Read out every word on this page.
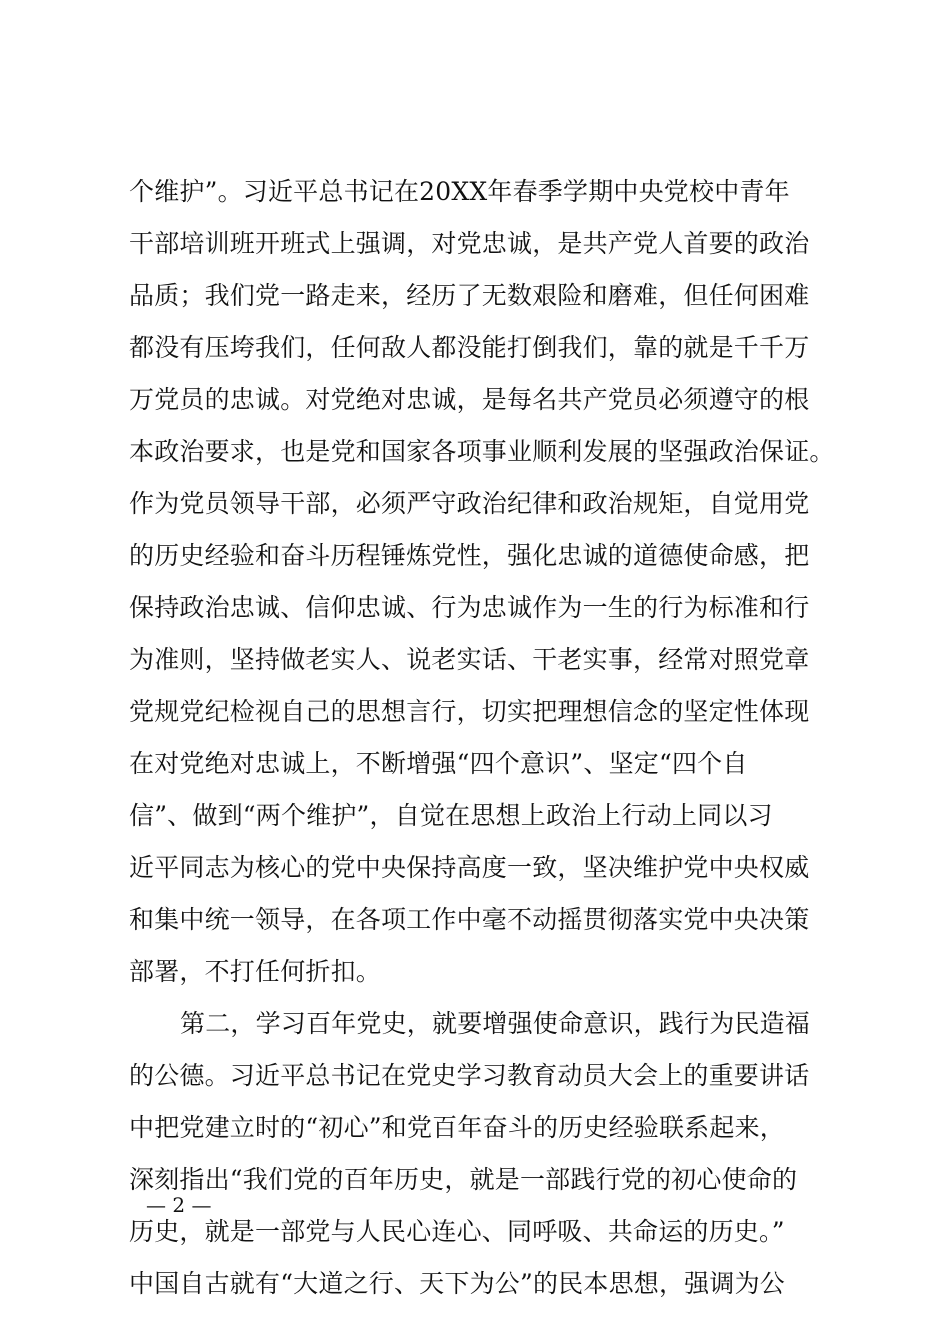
个维护”。习近平总书记在20XX年春季学期中央党校中青年
干部培训班开班式上强调，对党忠诚，是共产党人首要的政治
品质；我们党一路走来，经历了无数艰险和磨难，但任何困难
都没有压垮我们，任何敌人都没能打倒我们，靠的就是千千万
万党员的忠诚。对党绝对忠诚，是每名共产党员必须遵守的根
本政治要求，也是党和国家各项事业顺利发展的坚强政治保证。
作为党员领导干部，必须严守政治纪律和政治规矩，自觉用党
的历史经验和奋斗历程锤炼党性，强化忠诚的道德使命感，把
保持政治忠诚、信仰忠诚、行为忠诚作为一生的行为标准和行
为准则，坚持做老实人、说老实话、干老实事，经常对照党章
党规党纪检视自己的思想言行，切实把理想信念的坚定性体现
在对党绝对忠诚上，不断增强“四个意识”、坚定“四个自
信”、做到“两个维护”，自觉在思想上政治上行动上同以习
近平同志为核心的党中央保持高度一致，坚决维护党中央权威
和集中统一领导，在各项工作中毫不动摇贯彻落实党中央决策
部署，不打任何折扣。
第二，学习百年党史，就要增强使命意识，践行为民造福
的公德。习近平总书记在党史学习教育动员大会上的重要讲话
中把党建立时的“初心”和党百年奋斗的历史经验联系起来，
深刻指出“我们党的百年历史，就是一部践行党的初心使命的
历史，就是一部党与人民心连心、同呼吸、共命运的历史。”
中国自古就有“大道之行、天下为公”的民本思想，强调为公
— 2 —
